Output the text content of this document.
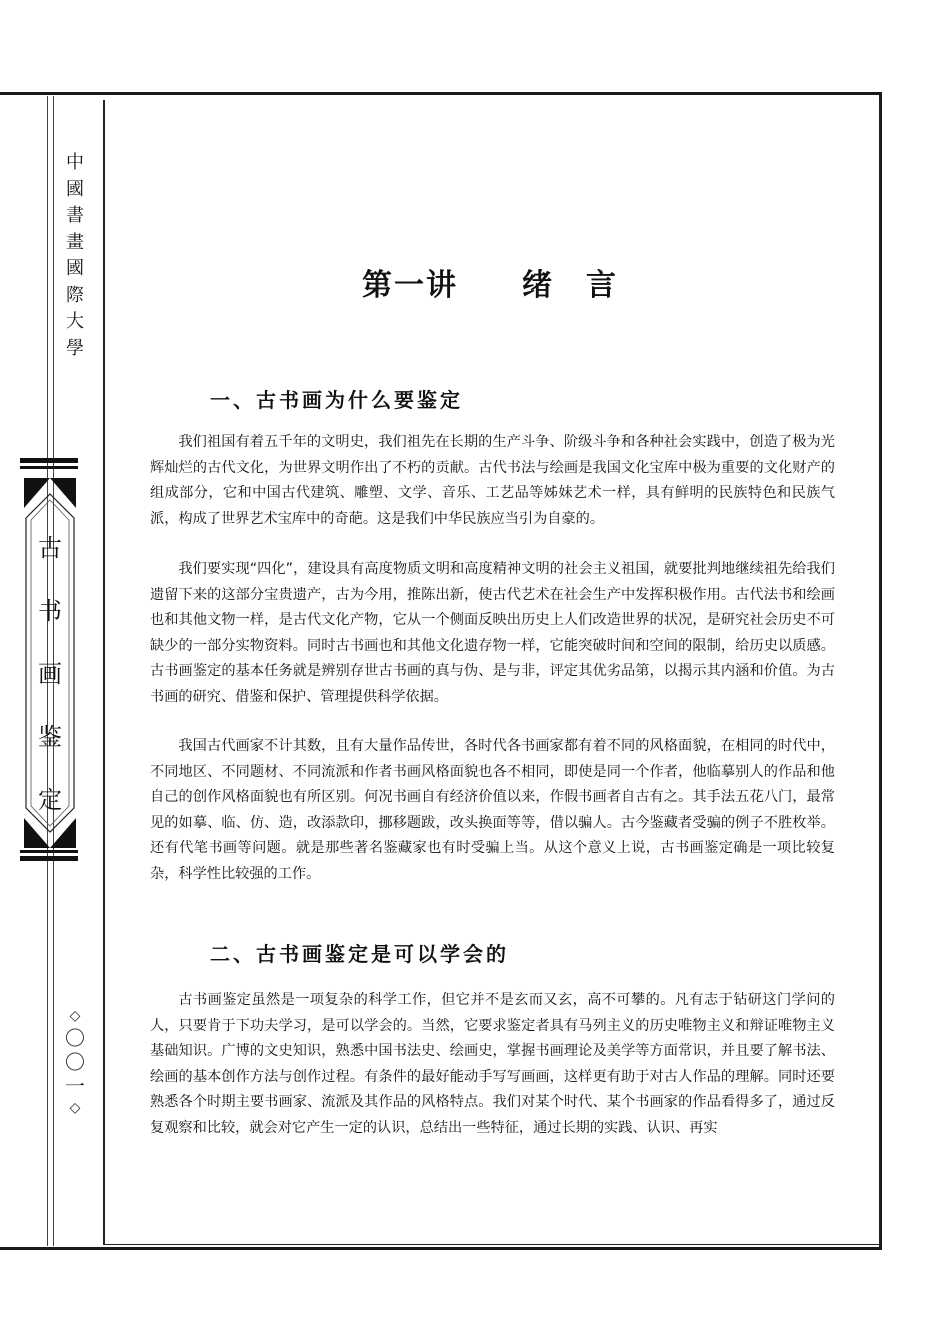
中
國
書
畫
國
際
大
學
古
书
画
鉴
定
◇
〇
〇
一
◇
第一讲　　绪　言
一、古书画为什么要鉴定
我们祖国有着五千年的文明史，我们祖先在长期的生产斗争、阶级斗争和各种社会实践中，创造了极为光辉灿烂的古代文化，为世界文明作出了不朽的贡献。古代书法与绘画是我国文化宝库中极为重要的文化财产的组成部分，它和中国古代建筑、雕塑、文学、音乐、工艺品等姊妹艺术一样，具有鲜明的民族特色和民族气派，构成了世界艺术宝库中的奇葩。这是我们中华民族应当引为自豪的。
我们要实现“四化”，建设具有高度物质文明和高度精神文明的社会主义祖国，就要批判地继续祖先给我们遗留下来的这部分宝贵遗产，古为今用，推陈出新，使古代艺术在社会生产中发挥积极作用。古代法书和绘画也和其他文物一样，是古代文化产物，它从一个侧面反映出历史上人们改造世界的状况，是研究社会历史不可缺少的一部分实物资料。同时古书画也和其他文化遗存物一样，它能突破时间和空间的限制，给历史以质感。古书画鉴定的基本任务就是辨别存世古书画的真与伪、是与非，评定其优劣品第，以揭示其内涵和价值。为古书画的研究、借鉴和保护、管理提供科学依据。
我国古代画家不计其数，且有大量作品传世，各时代各书画家都有着不同的风格面貌，在相同的时代中，不同地区、不同题材、不同流派和作者书画风格面貌也各不相同，即使是同一个作者，他临摹别人的作品和他自己的创作风格面貌也有所区别。何况书画自有经济价值以来，作假书画者自古有之。其手法五花八门，最常见的如摹、临、仿、造，改添款印，挪移题跋，改头换面等等，借以骗人。古今鉴藏者受骗的例子不胜枚举。还有代笔书画等问题。就是那些著名鉴藏家也有时受骗上当。从这个意义上说，古书画鉴定确是一项比较复杂，科学性比较强的工作。
二、古书画鉴定是可以学会的
古书画鉴定虽然是一项复杂的科学工作，但它并不是玄而又玄，高不可攀的。凡有志于钻研这门学问的人，只要肯于下功夫学习，是可以学会的。当然，它要求鉴定者具有马列主义的历史唯物主义和辩证唯物主义基础知识。广博的文史知识，熟悉中国书法史、绘画史，掌握书画理论及美学等方面常识，并且要了解书法、绘画的基本创作方法与创作过程。有条件的最好能动手写写画画，这样更有助于对古人作品的理解。同时还要熟悉各个时期主要书画家、流派及其作品的风格特点。我们对某个时代、某个书画家的作品看得多了，通过反复观察和比较，就会对它产生一定的认识，总结出一些特征，通过长期的实践、认识、再实
